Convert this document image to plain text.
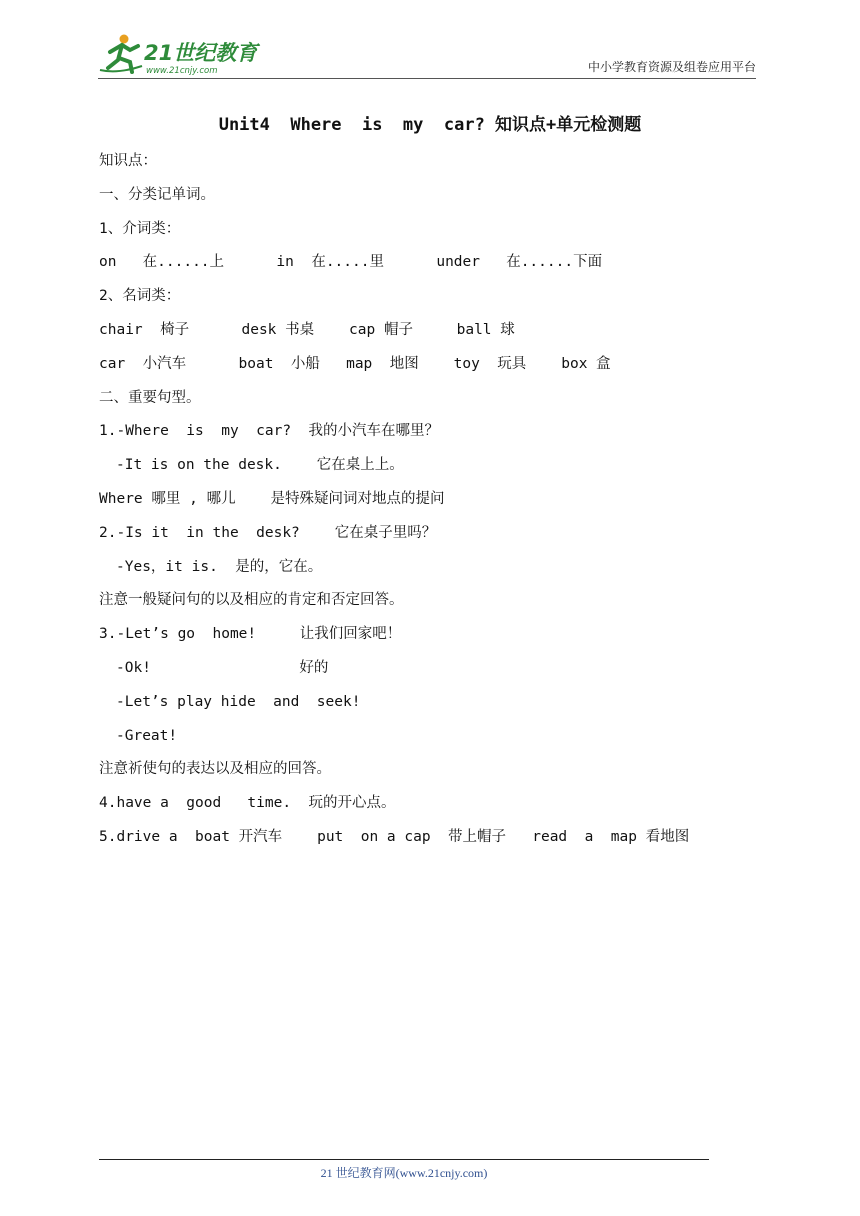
21世纪教育
www.21cnjy.com	中小学教育资源及组卷应用平台
Unit4  Where  is  my  car? 知识点+单元检测题
知识点：
一、分类记单词。
1、介词类：
on   在......上      in  在.....里      under   在......下面
2、名词类：
chair  椅子      desk 书桌    cap 帽子     ball 球
car  小汽车      boat  小船   map  地图    toy  玩具    box 盒
二、重要句型。
1.-Where  is  my  car?  我的小汽车在哪里？
-It is on the desk.    它在桌上上。
Where 哪里 , 哪儿    是特殊疑问词对地点的提问
2.-Is it  in the  desk?    它在桌子里吗？
-Yes，it is.  是的，它在。
注意一般疑问句的以及相应的肯定和否定回答。
3.-Let’s go  home!     让我们回家吧！
-Ok!                 好的
-Let’s play hide  and  seek!
-Great!
注意祈使句的表达以及相应的回答。
4.have a  good   time.  玩的开心点。
5.drive a  boat 开汽车    put  on a cap  带上帽子   read  a  map 看地图
21 世纪教育网(www.21cnjy.com)
